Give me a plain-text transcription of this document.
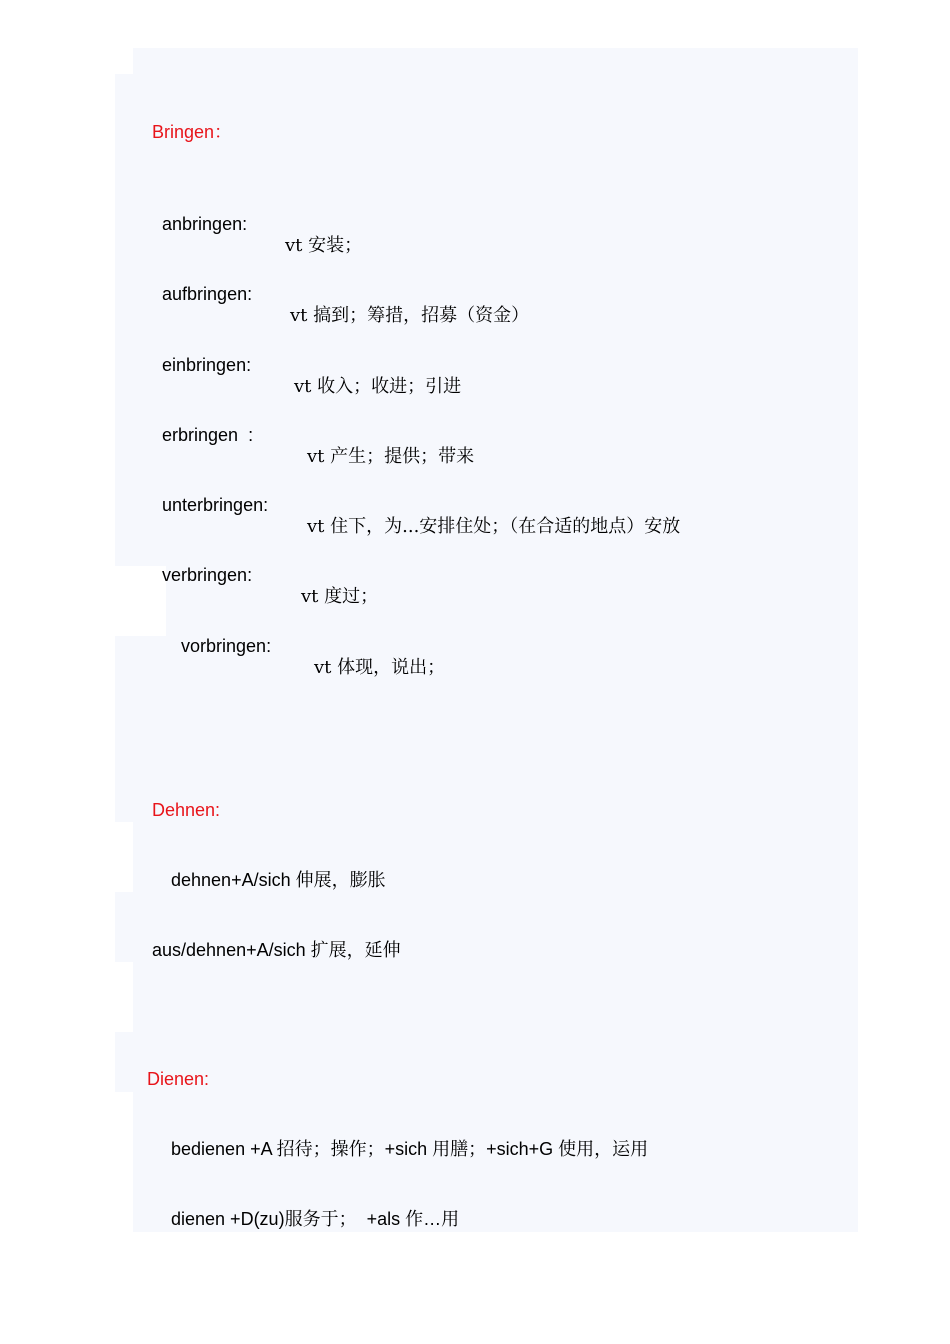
Bringen：

anbringen:

vt 安装；

aufbringen:

vt 搞到；筹措，招募（资金）

einbringen:

vt 收入；收进；引进

erbringen  :

vt 产生；提供；带来

unterbringen:

vt 住下，为...安排住处；（在合适的地点）安放

verbringen:

vt 度过；

vorbringen:

vt 体现，说出；

Dehnen:
dehnen+A/sich 伸展，膨胀
aus/dehnen+A/sich 扩展，延伸
Dienen:
bedienen +A 招待；操作；+sich 用膳；+sich+G 使用，运用
dienen +D(zu)服务于；  +als 作…用
